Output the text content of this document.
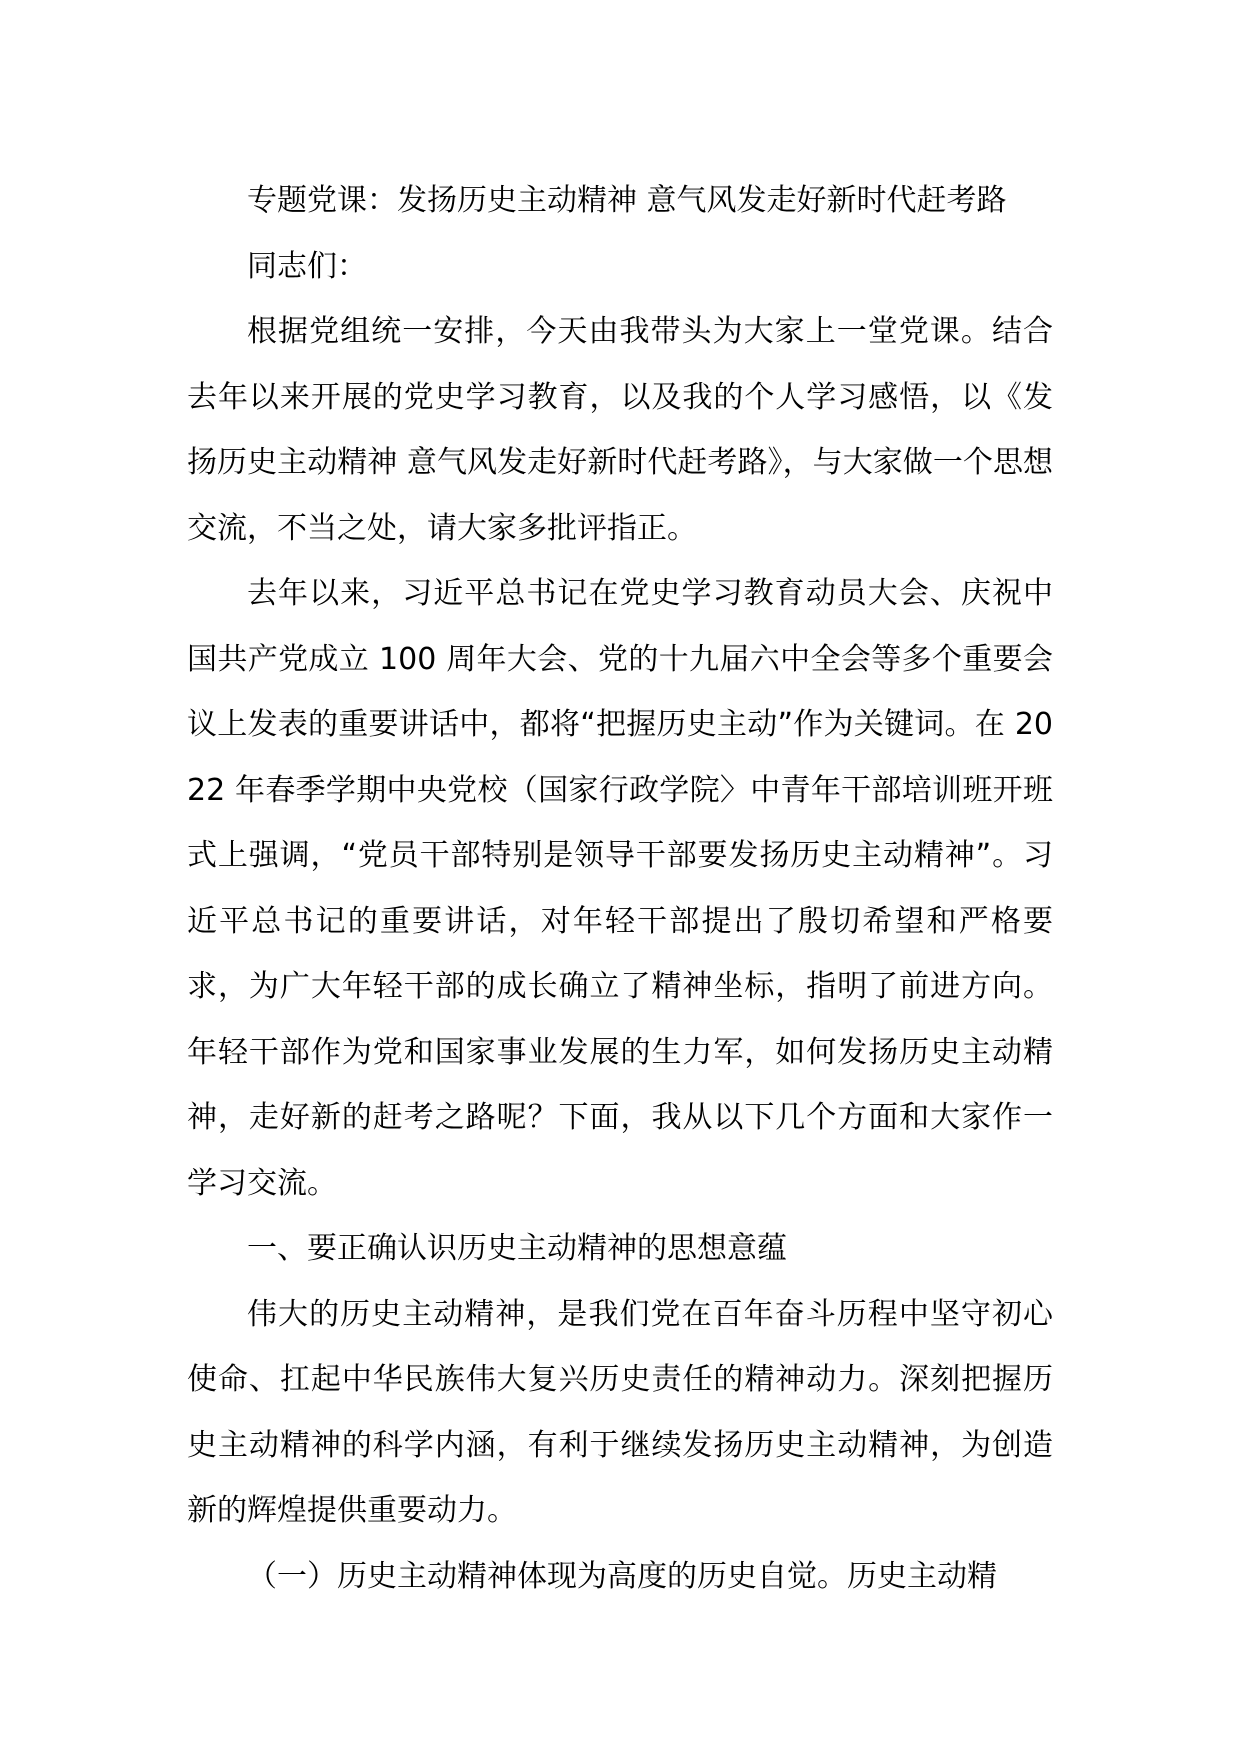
专题党课：发扬历史主动精神 意气风发走好新时代赶考路

同志们：

根据党组统一安排，今天由我带头为大家上一堂党课。结合去年以来开展的党史学习教育，以及我的个人学习感悟，以《发扬历史主动精神 意气风发走好新时代赶考路》，与大家做一个思想交流，不当之处，请大家多批评指正。

去年以来，习近平总书记在党史学习教育动员大会、庆祝中国共产党成立 100 周年大会、党的十九届六中全会等多个重要会议上发表的重要讲话中，都将“把握历史主动”作为关键词。在 2022 年春季学期中央党校（国家行政学院〉中青年干部培训班开班式上强调，“党员干部特别是领导干部要发扬历史主动精神”。习近平总书记的重要讲话，对年轻干部提出了殷切希望和严格要求，为广大年轻干部的成长确立了精神坐标，指明了前进方向。年轻干部作为党和国家事业发展的生力军，如何发扬历史主动精神，走好新的赶考之路呢？下面，我从以下几个方面和大家作一学习交流。

一、要正确认识历史主动精神的思想意蕴

伟大的历史主动精神，是我们党在百年奋斗历程中坚守初心使命、扛起中华民族伟大复兴历史责任的精神动力。深刻把握历史主动精神的科学内涵，有利于继续发扬历史主动精神，为创造新的辉煌提供重要动力。

（一）历史主动精神体现为高度的历史自觉。历史主动精
